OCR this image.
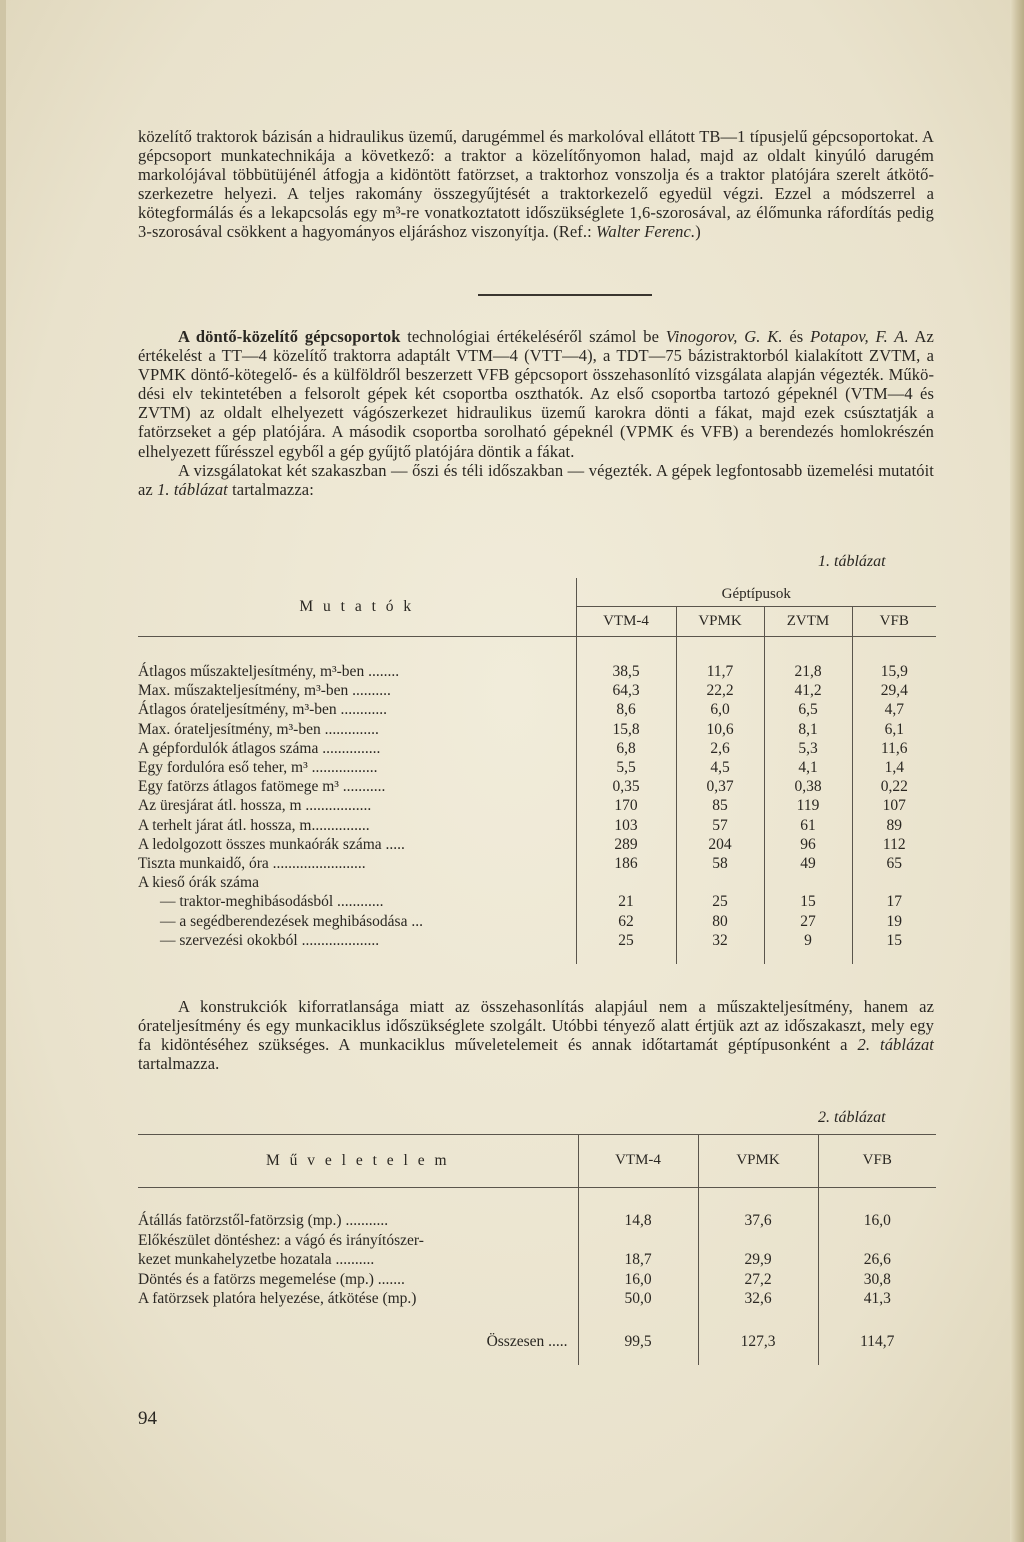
közelítő traktorok bázisán a hidraulikus üzemű, darugémmel és markolóval ellátott TB—1 típusjelű gépcsoportokat. A gépcsoport munkatechnikája a következő: a traktor a közelítőnyomon halad, majd az oldalt kinyúló darugém markolójával többütüjénél átfogja a kidöntött fatörzset, a traktorhoz vonszolja és a traktor platójára szerelt átkötőszerkezetre helyezi. A teljes rakomány összegyűjtését a traktorkezelő egyedül végzi. Ezzel a módszerrel a kötegformálás és a lekapcsolás egy m³-re vonatkoztatott időszükséglete 1,6-szorosával, az élőmunka ráfordítás pedig 3-szorosával csökkent a hagyományos eljáráshoz viszonyítja. (Ref.: Walter Ferenc.)

A döntő-közelítő gépcsoportok technológiai értékeléséről számol be Vinogorov, G. K. és Potapov, F. A. Az értékelést a TT—4 közelítő traktorra adaptált VTM—4 (VTT—4), a TDT—75 bázistraktorból kialakított ZVTM, a VPMK döntő-kötegelő- és a külföldről beszerzett VFB gépcsoport összehasonlító vizsgálata alapján végezték. Működési elv tekintetében a felsorolt gépek két csoportba oszthatók. Az első csoportba tartozó gépeknél (VTM—4 és ZVTM) az oldalt elhelyezett vágószerkezet hidraulikus üzemű karokra dönti a fákat, majd ezek csúsztatják a fatörzseket a gép platójára. A második csoportba sorolható gépeknél (VPMK és VFB) a berendezés homlokrészén elhelyezett fűrésszel egyből a gép gyűjtő platójára döntik a fákat.

A vizsgálatokat két szakaszban — őszi és téli időszakban — végezték. A gépek legfontosabb üzemelési mutatóit az 1. táblázat tartalmazza:

1. táblázat
M u t a t ó k	Géptípusok			
	VTM-4	VPMK	ZVTM	VFB

Átlagos műszakteljesítmény, m³-ben ........	38,5	11,7	21,8	15,9
Max. műszakteljesítmény, m³-ben ..........	64,3	22,2	41,2	29,4
Átlagos órateljesítmény, m³-ben ............	8,6	6,0	6,5	4,7
Max. órateljesítmény, m³-ben ..............	15,8	10,6	8,1	6,1
A gépfordulók átlagos száma ...............	6,8	2,6	5,3	11,6
Egy fordulóra eső teher, m³ .................	5,5	4,5	4,1	1,4
Egy fatörzs átlagos fatömege m³ ...........	0,35	0,37	0,38	0,22
Az üresjárat átl. hossza, m .................	170	85	119	107
A terhelt járat átl. hossza, m...............	103	57	61	89
A ledolgozott összes munkaórák száma .....	289	204	96	112
Tiszta munkaidő, óra ........................	186	58	49	65
A kieső órák száma				
— traktor-meghibásodásból ............	21	25	15	17
— a segédberendezések meghibásodása ...	62	80	27	19
— szervezési okokból ....................	25	32	9	15

A konstrukciók kiforratlansága miatt az összehasonlítás alapjául nem a műszakteljesítmény, hanem az órateljesítmény és egy munkaciklus időszükséglete szolgált. Utóbbi tényező alatt értjük azt az időszakaszt, mely egy fa kidöntéséhez szükséges. A munkaciklus műveletelemeit és annak időtartamát géptípusonként a 2. táblázat tartalmazza.

2. táblázat

M ű v e l e t e l e m	VTM-4	VPMK	VFB

Átállás fatörzstől-fatörzsig (mp.) ...........	14,8	37,6	16,0
Előkészület döntéshez: a vágó és irányítószer-			
kezet munkahelyzetbe hozatala ..........	18,7	29,9	26,6
Döntés és a fatörzs megemelése (mp.) .......	16,0	27,2	30,8
A fatörzsek platóra helyezése, átkötése (mp.)	50,0	32,6	41,3

Összesen .....	99,5	127,3	114,7

94
